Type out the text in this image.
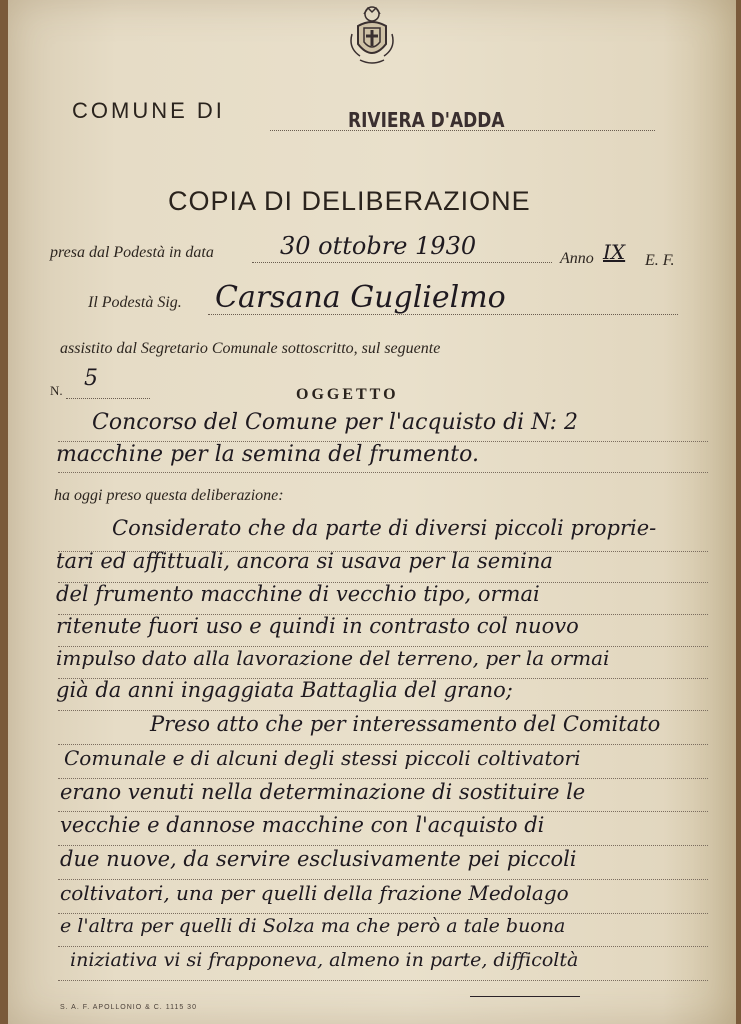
COMUNE DI	RIVIERA D'ADDA
COPIA DI DELIBERAZIONE
presa dal Podestà in data	30 ottobre 1930	Anno IX E. F.
Il Podestà Sig. Carsana Guglielmo
assistito dal Segretario Comunale sottoscritto, sul seguente
N. 5
OGGETTO
Concorso del Comune per l'acquisto di N: 2
macchine per la semina del frumento.
ha oggi preso questa deliberazione:
Considerato che da parte di diversi piccoli proprie-
tari ed affittuali, ancora si usava per la semina
del frumento macchine di vecchio tipo, ormai
ritenute fuori uso e quindi in contrasto col nuovo
impulso dato alla lavorazione del terreno, per la ormai
già da anni ingaggiata Battaglia del grano;
Preso atto che per interessamento del Comitato
Comunale e di alcuni degli stessi piccoli coltivatori
erano venuti nella determinazione di sostituire le
vecchie e dannose macchine con l'acquisto di
due nuove, da servire esclusivamente pei piccoli
coltivatori, una per quelli della frazione Medolago
e l'altra per quelli di Solza ma che però a tale buona
iniziativa vi si frapponeva, almeno in parte, difficoltà
S. A. F. APOLLONIO & C. 1115 30
